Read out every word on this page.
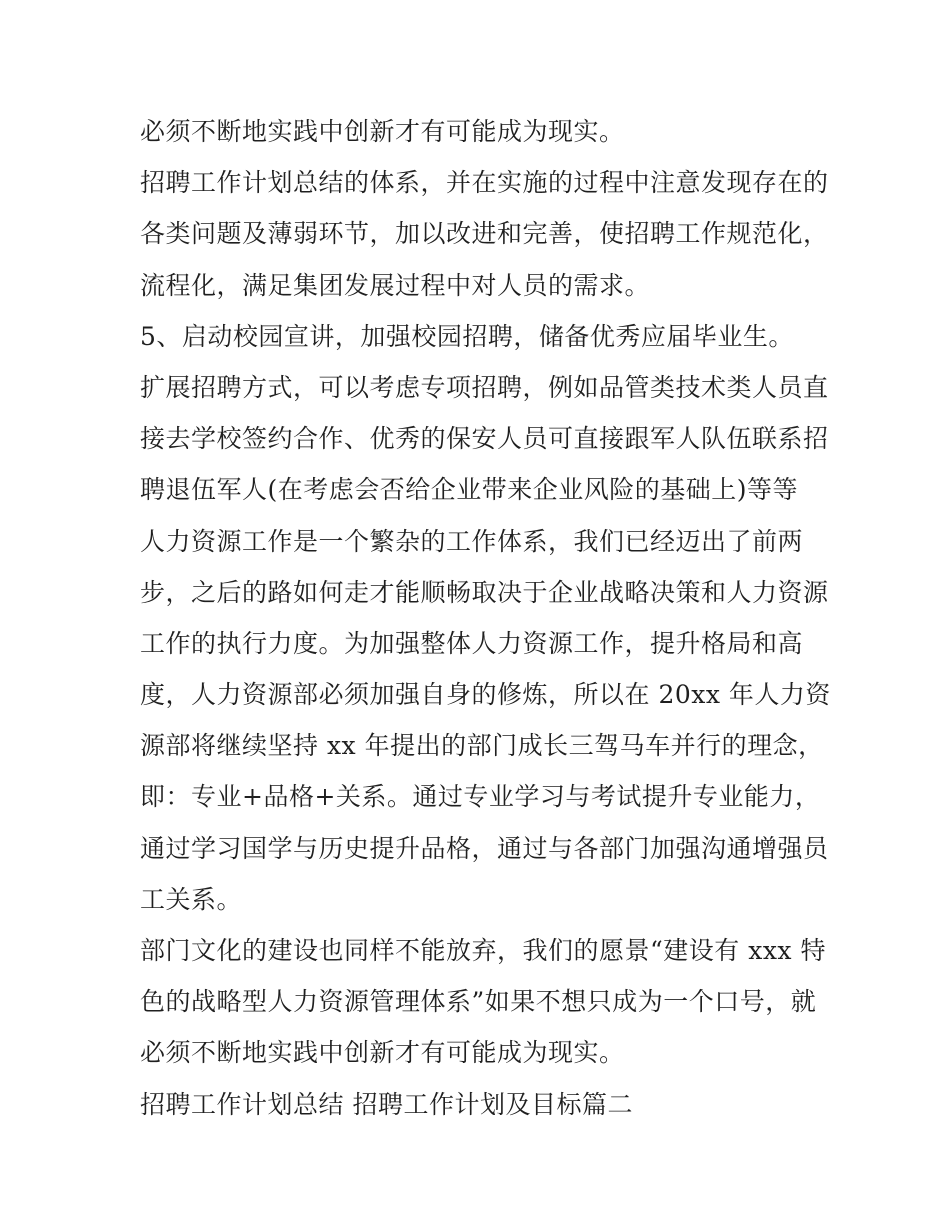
必须不断地实践中创新才有可能成为现实。
招聘工作计划总结的体系，并在实施的过程中注意发现存在的
各类问题及薄弱环节，加以改进和完善，使招聘工作规范化，
流程化，满足集团发展过程中对人员的需求。
5、启动校园宣讲，加强校园招聘，储备优秀应届毕业生。
扩展招聘方式，可以考虑专项招聘，例如品管类技术类人员直
接去学校签约合作、优秀的保安人员可直接跟军人队伍联系招
聘退伍军人(在考虑会否给企业带来企业风险的基础上)等等
人力资源工作是一个繁杂的工作体系，我们已经迈出了前两
步，之后的路如何走才能顺畅取决于企业战略决策和人力资源
工作的执行力度。为加强整体人力资源工作，提升格局和高
度，人力资源部必须加强自身的修炼，所以在 20xx 年人力资
源部将继续坚持 xx 年提出的部门成长三驾马车并行的理念，
即：专业+品格+关系。通过专业学习与考试提升专业能力，
通过学习国学与历史提升品格，通过与各部门加强沟通增强员
工关系。
部门文化的建设也同样不能放弃，我们的愿景“建设有 xxx 特
色的战略型人力资源管理体系”如果不想只成为一个口号，就
必须不断地实践中创新才有可能成为现实。
招聘工作计划总结 招聘工作计划及目标篇二
